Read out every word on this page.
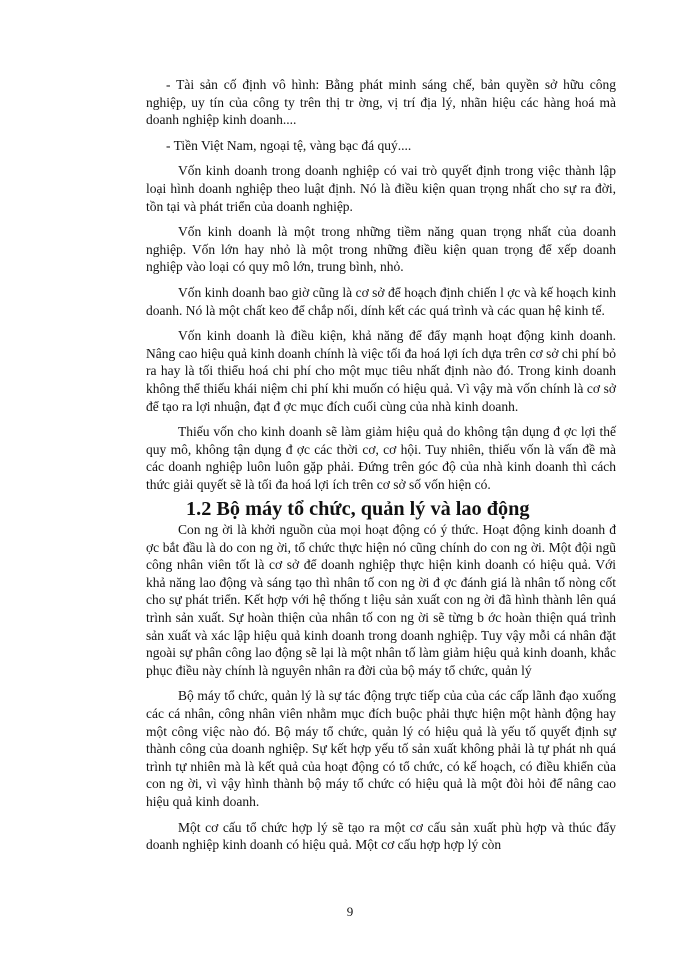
- Tài sản cố định vô hình: Bằng phát minh sáng chế, bản quyền sở hữu công nghiệp, uy tín của công ty trên thị tr ờng, vị trí địa lý, nhãn hiệu các hàng hoá mà doanh nghiệp kinh doanh....

- Tiền Việt Nam, ngoại tệ, vàng bạc đá quý....

Vốn kinh doanh trong doanh nghiệp có vai trò quyết định trong việc thành lập loại hình doanh nghiệp theo luật định. Nó là điều kiện quan trọng nhất cho sự ra đời, tồn tại và phát triển của doanh nghiệp.

Vốn kinh doanh là một trong những tiềm năng quan trọng nhất của doanh nghiệp. Vốn lớn hay nhỏ là một trong những điều kiện quan trọng để xếp doanh nghiệp vào loại có quy mô lớn, trung bình, nhỏ.

Vốn kinh doanh bao giờ cũng là cơ sở để hoạch định chiến l ợc và kế hoạch kinh doanh. Nó là một chất keo để chắp nối, dính kết các quá trình và các quan hệ kinh tế.

Vốn kinh doanh là điều kiện, khả năng để đẩy mạnh hoạt động kinh doanh. Nâng cao hiệu quả kinh doanh chính là việc tối đa hoá lợi ích dựa trên cơ sở chi phí bỏ ra hay là tối thiểu hoá chi phí cho một mục tiêu nhất định nào đó. Trong kinh doanh không thể thiếu khái niệm chi phí khi muốn có hiệu quả. Vì vậy mà vốn chính là cơ sở để tạo ra lợi nhuận, đạt đ ợc mục đích cuối cùng của nhà kinh doanh.

Thiếu vốn cho kinh doanh sẽ làm giảm hiệu quả do không tận dụng đ ợc lợi thế quy mô, không tận dụng đ ợc các thời cơ, cơ hội. Tuy nhiên, thiếu vốn là vấn đề mà các doanh nghiệp luôn luôn gặp phải. Đứng trên góc độ của nhà kinh doanh thì cách thức giải quyết sẽ là tối đa hoá lợi ích trên cơ sở số vốn hiện có.

1.2 Bộ máy tổ chức, quản lý và lao động

Con ng ời là khởi nguồn của mọi hoạt động có ý thức. Hoạt động kinh doanh đ ợc bắt đầu là do con ng ời, tổ chức thực hiện nó cũng chính do con ng ời. Một đội ngũ công nhân viên tốt là cơ sở để doanh nghiệp thực hiện kinh doanh có hiệu quả. Với khả năng lao động và sáng tạo thì nhân tố con ng ời đ ợc đánh giá là nhân tố nòng cốt cho sự phát triển. Kết hợp với hệ thống t liệu sản xuất con ng ời đã hình thành lên quá trình sản xuất. Sự hoàn thiện của nhân tố con ng ời sẽ từng b ớc hoàn thiện quá trình sản xuất và xác lập hiệu quả kinh doanh trong doanh nghiệp. Tuy vậy mỗi cá nhân đặt ngoài sự phân công lao động sẽ lại là một nhân tố làm giảm hiệu quả kinh doanh, khắc phục điều này chính là nguyên nhân ra đời của bộ máy tổ chức, quản lý

Bộ máy tổ chức, quản lý là sự tác động trực tiếp của của các cấp lãnh đạo xuống các cá nhân, công nhân viên nhằm mục đích buộc phải thực hiện một hành động hay một công việc nào đó. Bộ máy tổ chức, quản lý có hiệu quả là yếu tố quyết định sự thành công của doanh nghiệp. Sự kết hợp yếu tố sản xuất không phải là tự phát nh quá trình tự nhiên mà là kết quả của hoạt động có tổ chức, có kế hoạch, có điều khiển của con ng ời, vì vậy hình thành bộ máy tổ chức có hiệu quả là một đòi hỏi để nâng cao hiệu quả kinh doanh.

Một cơ cấu tổ chức hợp lý sẽ tạo ra một cơ cấu sản xuất phù hợp và thúc đẩy doanh nghiệp kinh doanh có hiệu quả. Một cơ cấu hợp hợp lý còn

9
